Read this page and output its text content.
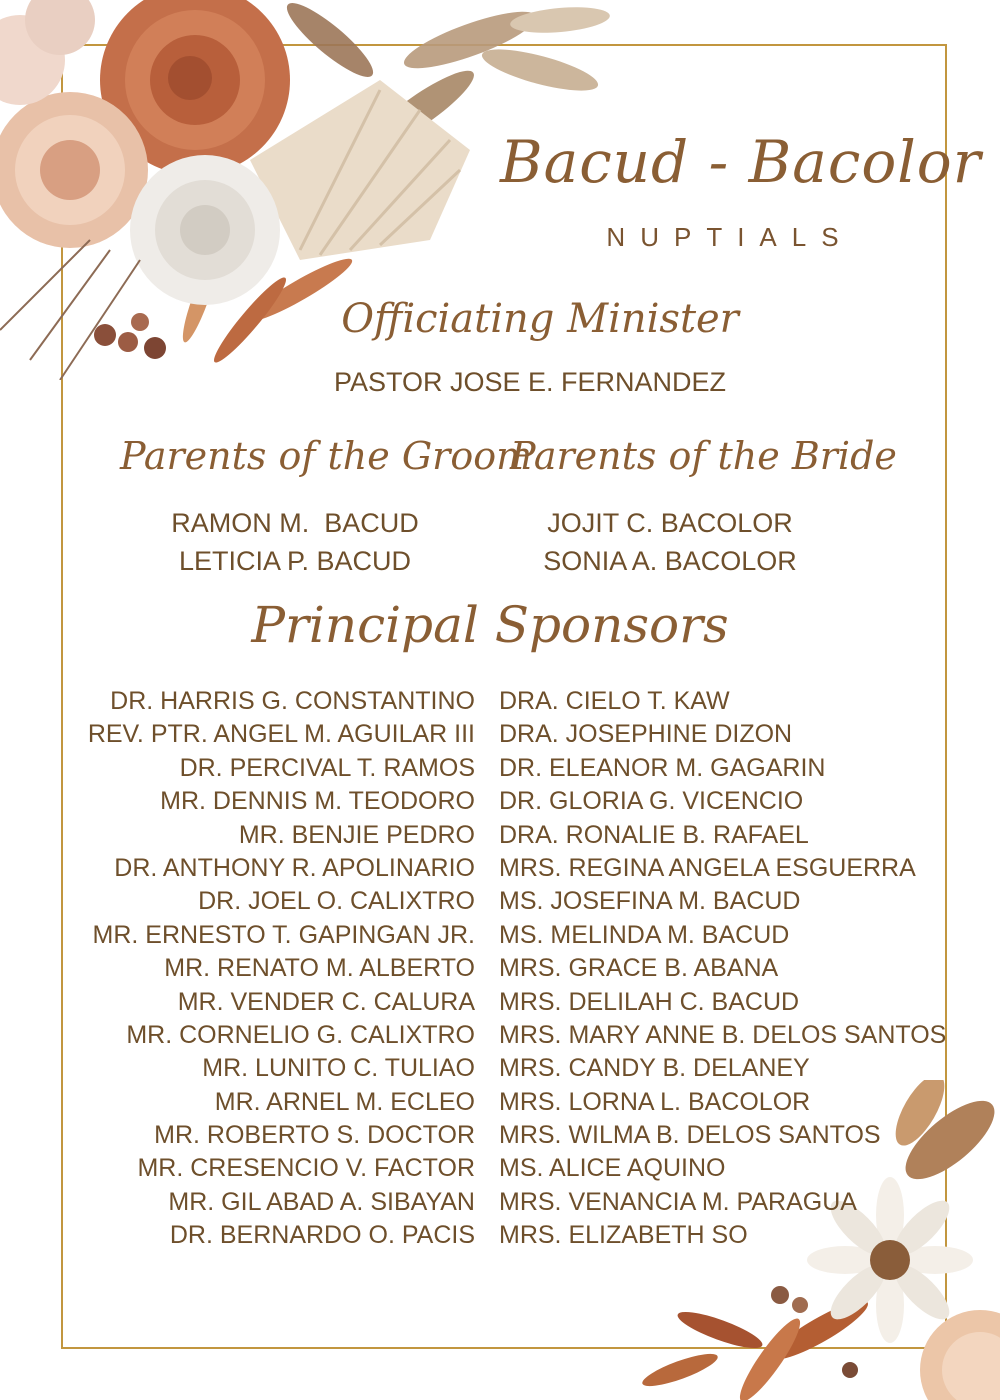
Bacud - Bacolor
NUPTIALS
Officiating Minister
PASTOR JOSE E. FERNANDEZ
Parents of the Groom
Parents of the Bride
RAMON M.  BACUD
LETICIA P. BACUD
JOJIT C. BACOLOR
SONIA A. BACOLOR
Principal Sponsors
DR. HARRIS G. CONSTANTINO
REV. PTR. ANGEL M. AGUILAR III
DR. PERCIVAL T. RAMOS
MR. DENNIS M. TEODORO
MR. BENJIE PEDRO
DR. ANTHONY R. APOLINARIO
DR. JOEL O. CALIXTRO
MR. ERNESTO T. GAPINGAN JR.
MR. RENATO M. ALBERTO
MR. VENDER C. CALURA
MR. CORNELIO G. CALIXTRO
MR. LUNITO C. TULIAO
MR. ARNEL M. ECLEO
MR. ROBERTO S. DOCTOR
MR. CRESENCIO V. FACTOR
MR. GIL ABAD A. SIBAYAN
DR. BERNARDO O. PACIS
DRA. CIELO T. KAW
DRA. JOSEPHINE DIZON
DR. ELEANOR M. GAGARIN
DR. GLORIA G. VICENCIO
DRA. RONALIE B. RAFAEL
MRS. REGINA ANGELA ESGUERRA
MS. JOSEFINA M. BACUD
MS. MELINDA M. BACUD
MRS. GRACE B. ABANA
MRS. DELILAH C. BACUD
MRS. MARY ANNE B. DELOS SANTOS
MRS. CANDY B. DELANEY
MRS. LORNA L. BACOLOR
MRS. WILMA B. DELOS SANTOS
MS. ALICE AQUINO
MRS. VENANCIA M. PARAGUA
MRS. ELIZABETH SO
